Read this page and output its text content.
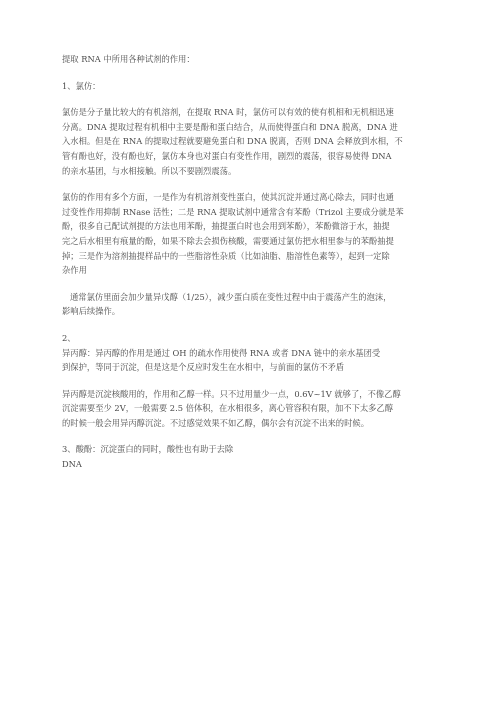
提取 RNA 中所用各种试剂的作用：
1、氯仿：
氯仿是分子量比较大的有机溶剂，在提取 RNA 时，氯仿可以有效的使有机相和无机相迅速
分离。DNA 提取过程有机相中主要是酚和蛋白结合，从而使得蛋白和 DNA 脱离，DNA 进
入水相。但是在 RNA 的提取过程就要避免蛋白和 DNA 脱离，否则 DNA 会释放到水相，不
管有酚也好，没有酚也好，氯仿本身也对蛋白有变性作用，剧烈的震荡，很容易使得 DNA
的亲水基团，与水相接触。所以不要剧烈震荡。
氯仿的作用有多个方面，一是作为有机溶剂变性蛋白，使其沉淀并通过离心除去，同时也通
过变性作用抑制 RNase 活性；二是 RNA 提取试剂中通常含有苯酚（Trizol 主要成分就是苯
酚，很多自己配试剂提的方法也用苯酚，抽提蛋白时也会用到苯酚），苯酚微溶于水，抽提
完之后水相里有痕量的酚，如果不除去会损伤核酸，需要通过氯仿把水相里参与的苯酚抽提
掉；三是作为溶剂抽提样品中的一些脂溶性杂质（比如油脂、脂溶性色素等），起到一定除
杂作用
通常氯仿里面会加少量异戊醇（1/25），减少蛋白质在变性过程中由于震荡产生的泡沫，
影响后续操作。
2、
异丙醇：异丙醇的作用是通过 OH 的疏水作用使得 RNA 或者 DNA 链中的亲水基团受
到保护，等同于沉淀，但是这是个反应时发生在水相中，与前面的氯仿不矛盾
异丙醇是沉淀核酸用的，作用和乙醇一样。只不过用量少一点，0.6V~1V 就够了，不像乙醇
沉淀需要至少 2V，一般需要 2.5 倍体积，在水相很多，离心管容积有限，加不下太多乙醇
的时候一般会用异丙醇沉淀。不过感觉效果不如乙醇，偶尔会有沉淀不出来的时候。
3、酸酚：沉淀蛋白的同时，酸性也有助于去除
DNA
